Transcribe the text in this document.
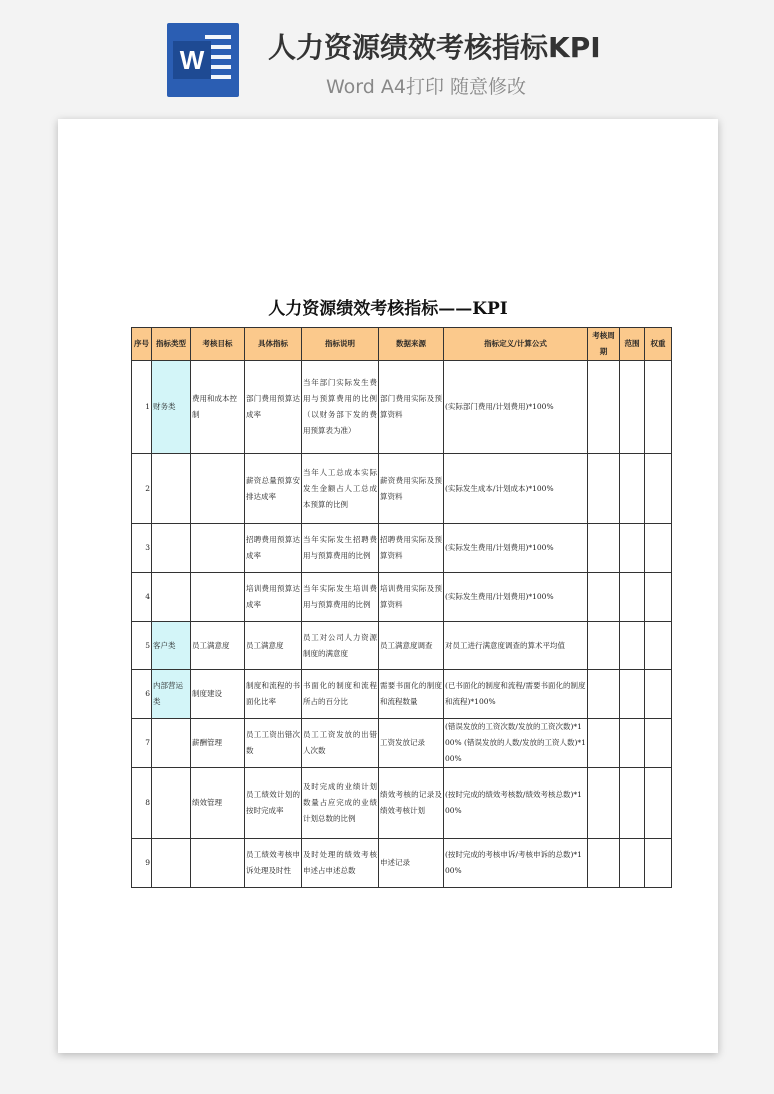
W 人力资源绩效考核指标KPI
Word A4打印 随意修改
人力资源绩效考核指标——KPI
序号	指标类型	考核目标	具体指标	指标说明	数据来源	指标定义/计算公式	考核周期	范围	权重
1	财务类	费用和成本控制	部门费用预算达成率	当年部门实际发生费用与预算费用的比例（以财务部下发的费用预算表为准）	部门费用实际及预算资料	(实际部门费用/计划费用)*100%			
2			薪资总量预算安排达成率	当年人工总成本实际发生金额占人工总成本预算的比例	薪资费用实际及预算资料	(实际发生成本/计划成本)*100%			
3			招聘费用预算达成率	当年实际发生招聘费用与预算费用的比例	招聘费用实际及预算资料	(实际发生费用/计划费用)*100%			
4			培训费用预算达成率	当年实际发生培训费用与预算费用的比例	培训费用实际及预算资料	(实际发生费用/计划费用)*100%			
5	客户类	员工满意度	员工满意度	员工对公司人力资源制度的满意度	员工满意度调查	对员工进行满意度调查的算术平均值			
6	内部营运类	制度建设	制度和流程的书面化比率	书面化的制度和流程所占的百分比	需要书面化的制度和流程数量	(已书面化的制度和流程/需要书面化的制度和流程)*100%			
7		薪酬管理	员工工资出错次数	员工工资发放的出错人次数	工资发放记录	(错误发放的工资次数/发放的工资次数)*100% (错误发放的人数/发放的工资人数)*100%			
8		绩效管理	员工绩效计划的按时完成率	及时完成的业绩计划数量占应完成的业绩计划总数的比例	绩效考核的记录及绩效考核计划	(按时完成的绩效考核数/绩效考核总数)*100%			
9			员工绩效考核申诉处理及时性	及时处理的绩效考核申述占申述总数	申述记录	(按时完成的考核申诉/考核申诉的总数)*100%			
